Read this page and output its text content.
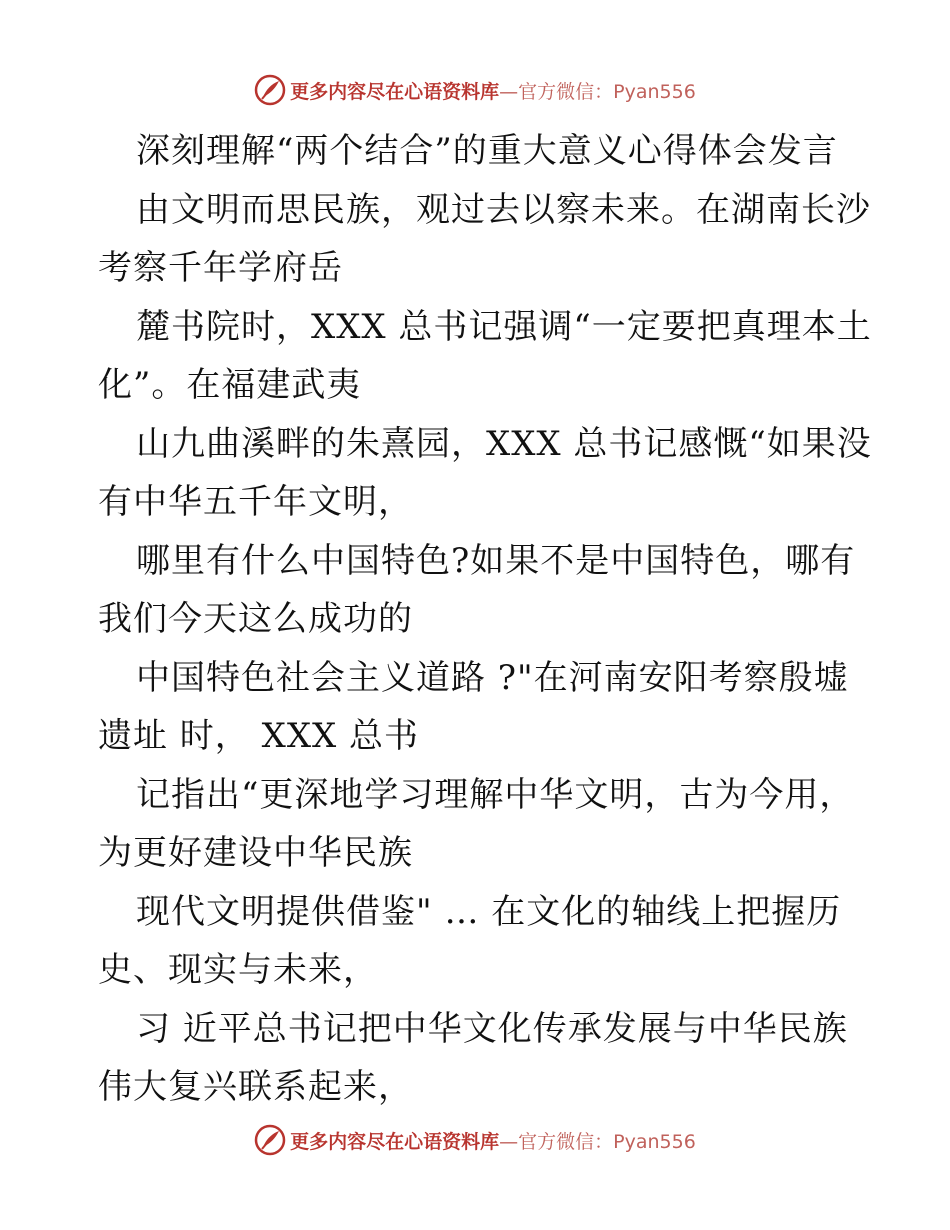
更多内容尽在心语资料库 —官方微信：Pyan556
深刻理解“两个结合”的重大意义心得体会发言
由文明而思民族，观过去以察未来。在湖南长沙
考察千年学府岳
麓书院时，XXX 总书记强调“一定要把真理本土
化”。在福建武夷
山九曲溪畔的朱熹园，XXX 总书记感慨“如果没
有中华五千年文明，
哪里有什么中国特色?如果不是中国特色，哪有
我们今天这么成功的
中国特色社会主义道路 ?"在河南安阳考察殷墟
遗址 时， XXX 总书
记指出“更深地学习理解中华文明，古为今用，
为更好建设中华民族
现代文明提供借鉴" … 在文化的轴线上把握历
史、现实与未来，
习 近平总书记把中华文化传承发展与中华民族
伟大复兴联系起来，
更多内容尽在心语资料库 —官方微信：Pyan556
